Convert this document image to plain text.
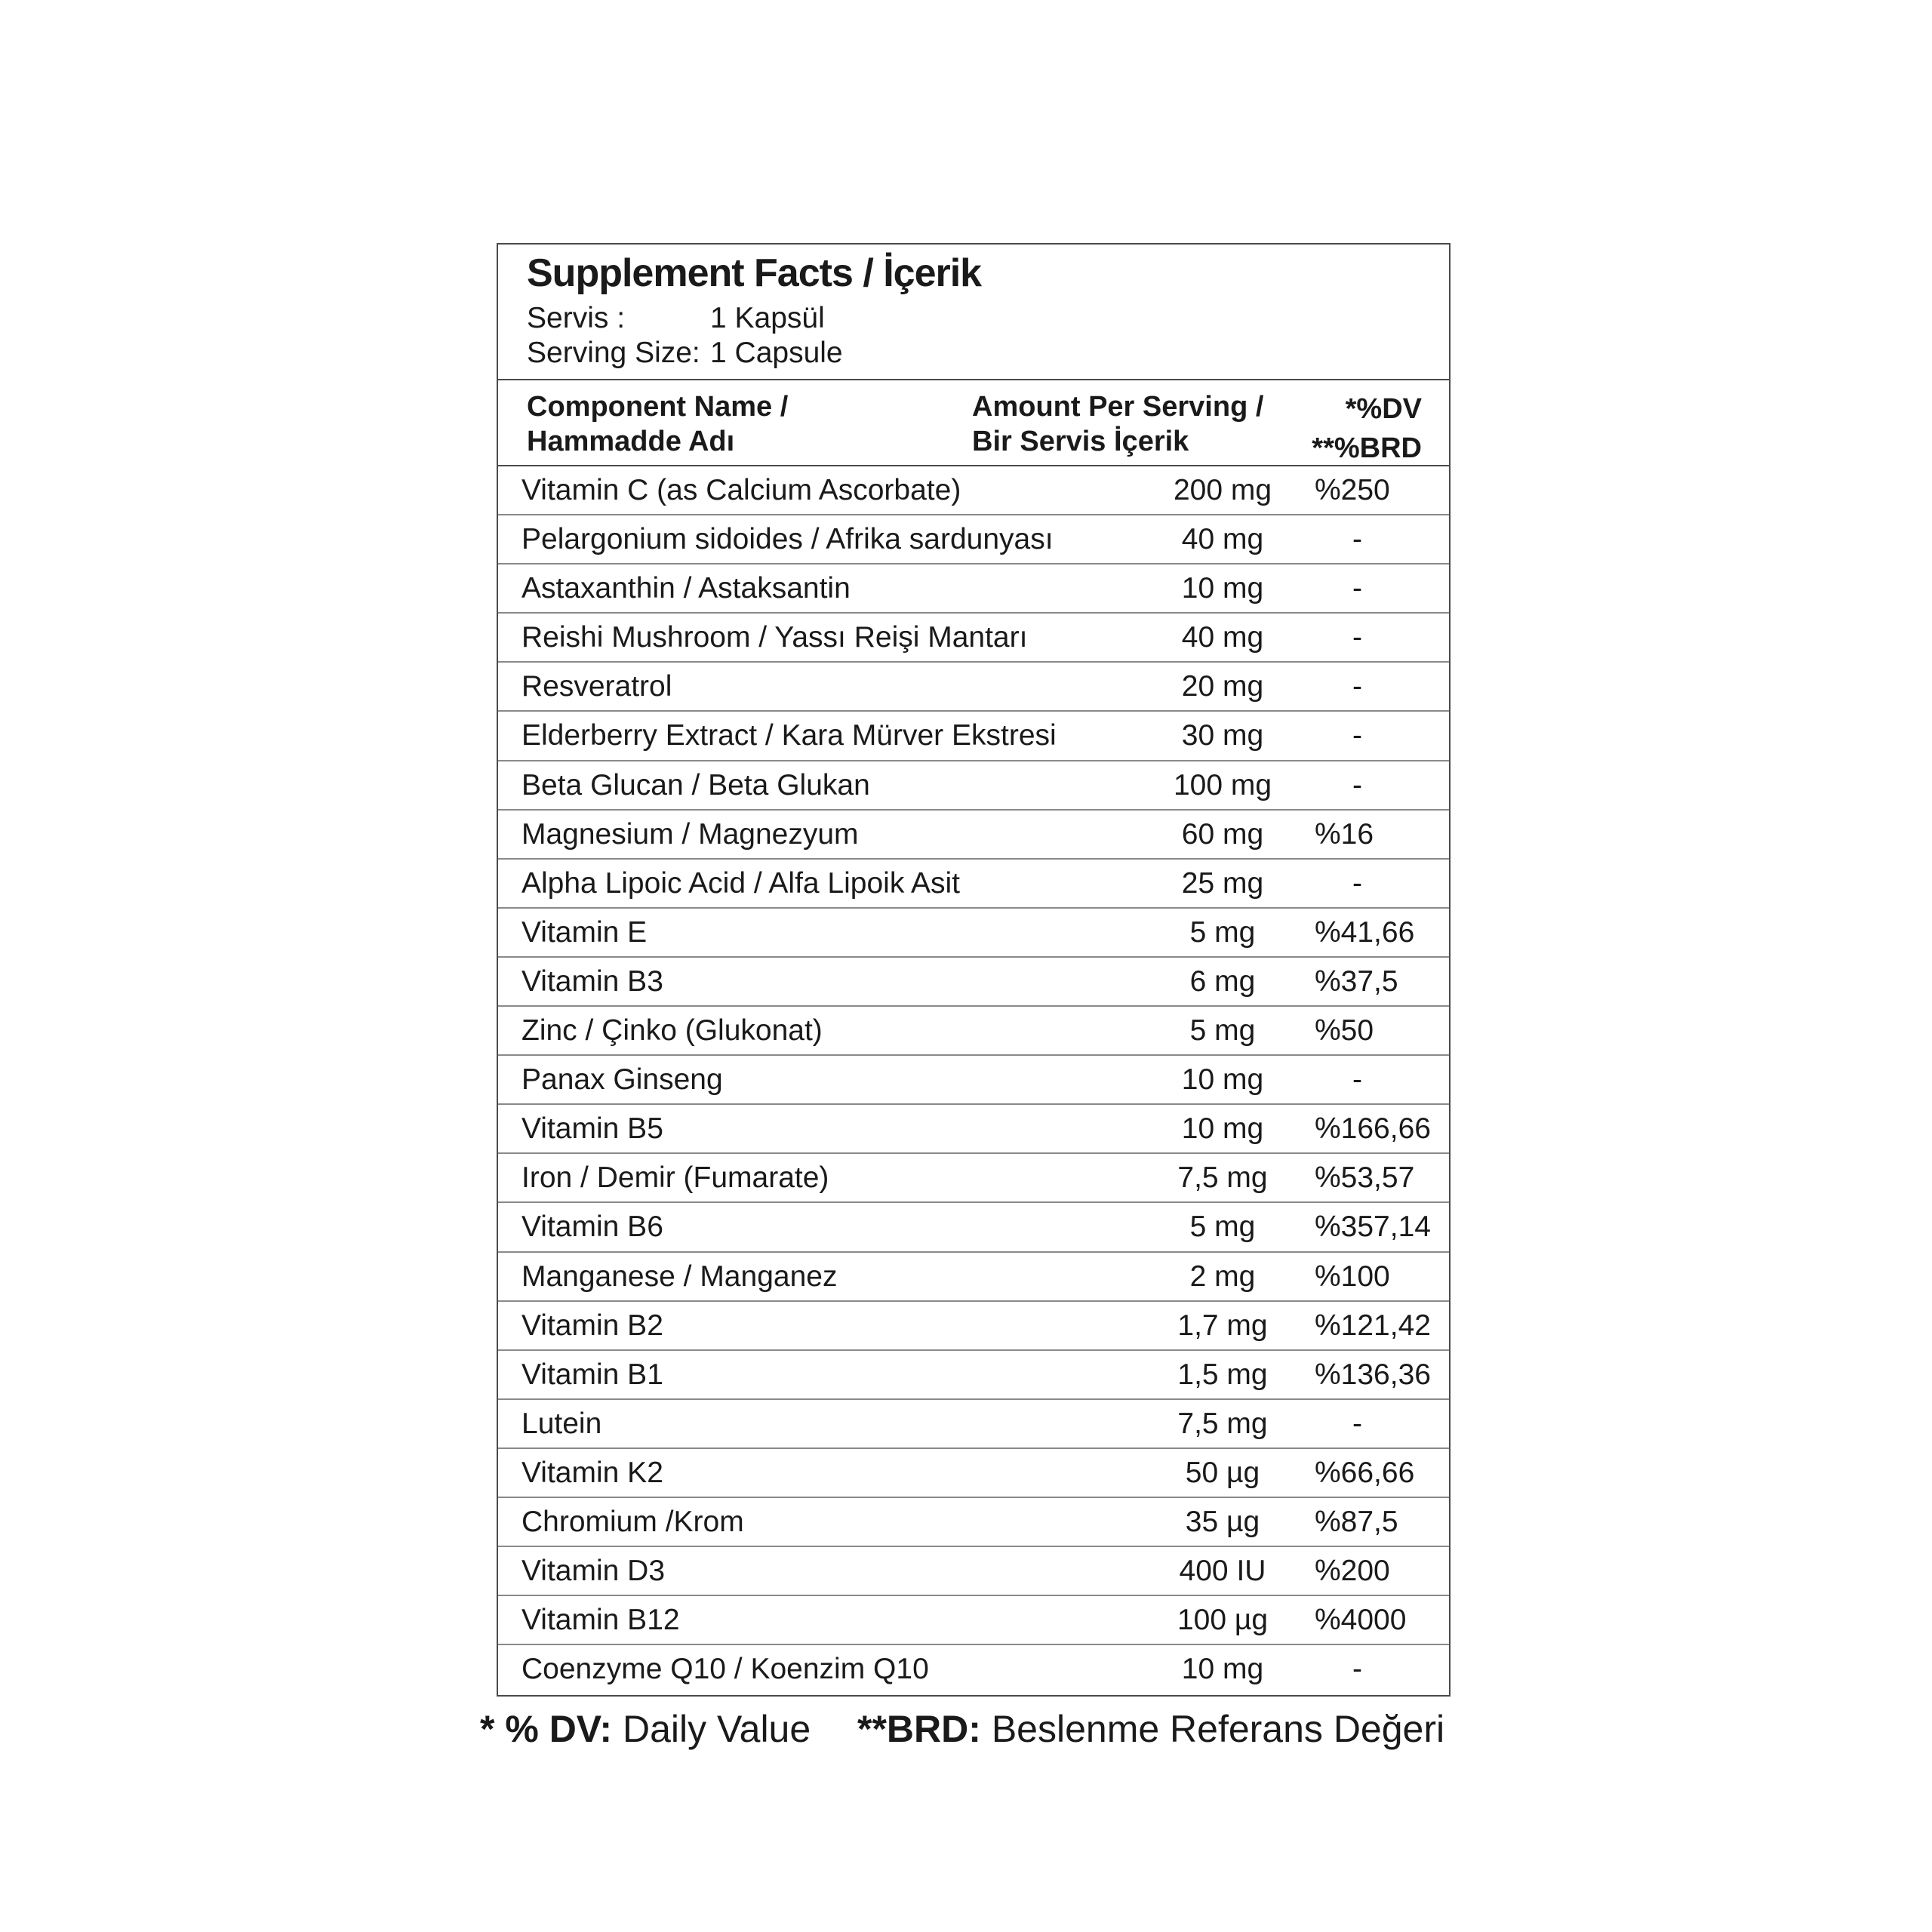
Supplement Facts / İçerik
Servis :	1 Kapsül
Serving Size: 1 Capsule
Component Name /
Hammadde Adı
Amount Per Serving /
Bir Servis İçerik
*%DV
**%BRD
Vitamin C (as Calcium Ascorbate)	200 mg	%250
Pelargonium sidoides / Afrika sardunyası	40 mg	-
Astaxanthin / Astaksantin	10 mg	-
Reishi Mushroom / Yassı Reişi Mantarı	40 mg	-
Resveratrol	20 mg	-
Elderberry Extract / Kara Mürver Ekstresi	30 mg	-
Beta Glucan / Beta Glukan	100 mg	-
Magnesium / Magnezyum	60 mg	%16
Alpha Lipoic Acid / Alfa Lipoik Asit	25 mg	-
Vitamin E	5 mg	%41,66
Vitamin B3	6 mg	%37,5
Zinc / Çinko (Glukonat)	5 mg	%50
Panax Ginseng	10 mg	-
Vitamin B5	10 mg	%166,66
Iron / Demir (Fumarate)	7,5 mg	%53,57
Vitamin B6	5 mg	%357,14
Manganese / Manganez	2 mg	%100
Vitamin B2	1,7 mg	%121,42
Vitamin B1	1,5 mg	%136,36
Lutein	7,5 mg	-
Vitamin K2	50 µg	%66,66
Chromium /Krom	35 µg	%87,5
Vitamin D3	400 IU	%200
Vitamin B12	100 µg	%4000
Coenzyme Q10 / Koenzim Q10	10 mg	-
* % DV: Daily Value **BRD: Beslenme Referans Değeri
